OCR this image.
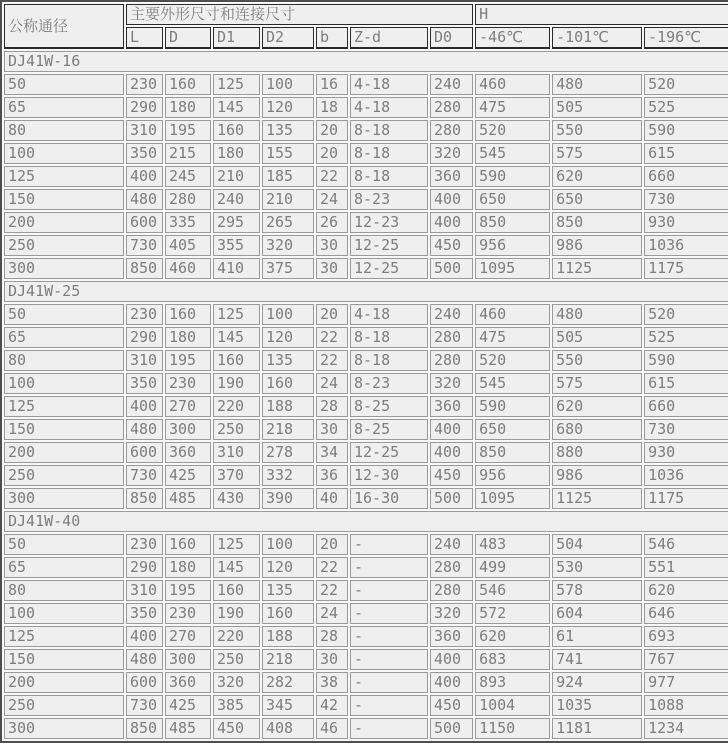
公称通径	主要外形尺寸和连接尺寸							H		
	L	D	D1	D2	b	Z-d	D0	-46℃	-101℃	-196℃
DJ41W-16										
50	230	160	125	100	16	4-18	240	460	480	520
65	290	180	145	120	18	4-18	280	475	505	525
80	310	195	160	135	20	8-18	280	520	550	590
100	350	215	180	155	20	8-18	320	545	575	615
125	400	245	210	185	22	8-18	360	590	620	660
150	480	280	240	210	24	8-23	400	650	650	730
200	600	335	295	265	26	12-23	400	850	850	930
250	730	405	355	320	30	12-25	450	956	986	1036
300	850	460	410	375	30	12-25	500	1095	1125	1175
DJ41W-25										
50	230	160	125	100	20	4-18	240	460	480	520
65	290	180	145	120	22	8-18	280	475	505	525
80	310	195	160	135	22	8-18	280	520	550	590
100	350	230	190	160	24	8-23	320	545	575	615
125	400	270	220	188	28	8-25	360	590	620	660
150	480	300	250	218	30	8-25	400	650	680	730
200	600	360	310	278	34	12-25	400	850	880	930
250	730	425	370	332	36	12-30	450	956	986	1036
300	850	485	430	390	40	16-30	500	1095	1125	1175
DJ41W-40										
50	230	160	125	100	20	-	240	483	504	546
65	290	180	145	120	22	-	280	499	530	551
80	310	195	160	135	22	-	280	546	578	620
100	350	230	190	160	24	-	320	572	604	646
125	400	270	220	188	28	-	360	620	61	693
150	480	300	250	218	30	-	400	683	741	767
200	600	360	320	282	38	-	400	893	924	977
250	730	425	385	345	42	-	450	1004	1035	1088
300	850	485	450	408	46	-	500	1150	1181	1234
